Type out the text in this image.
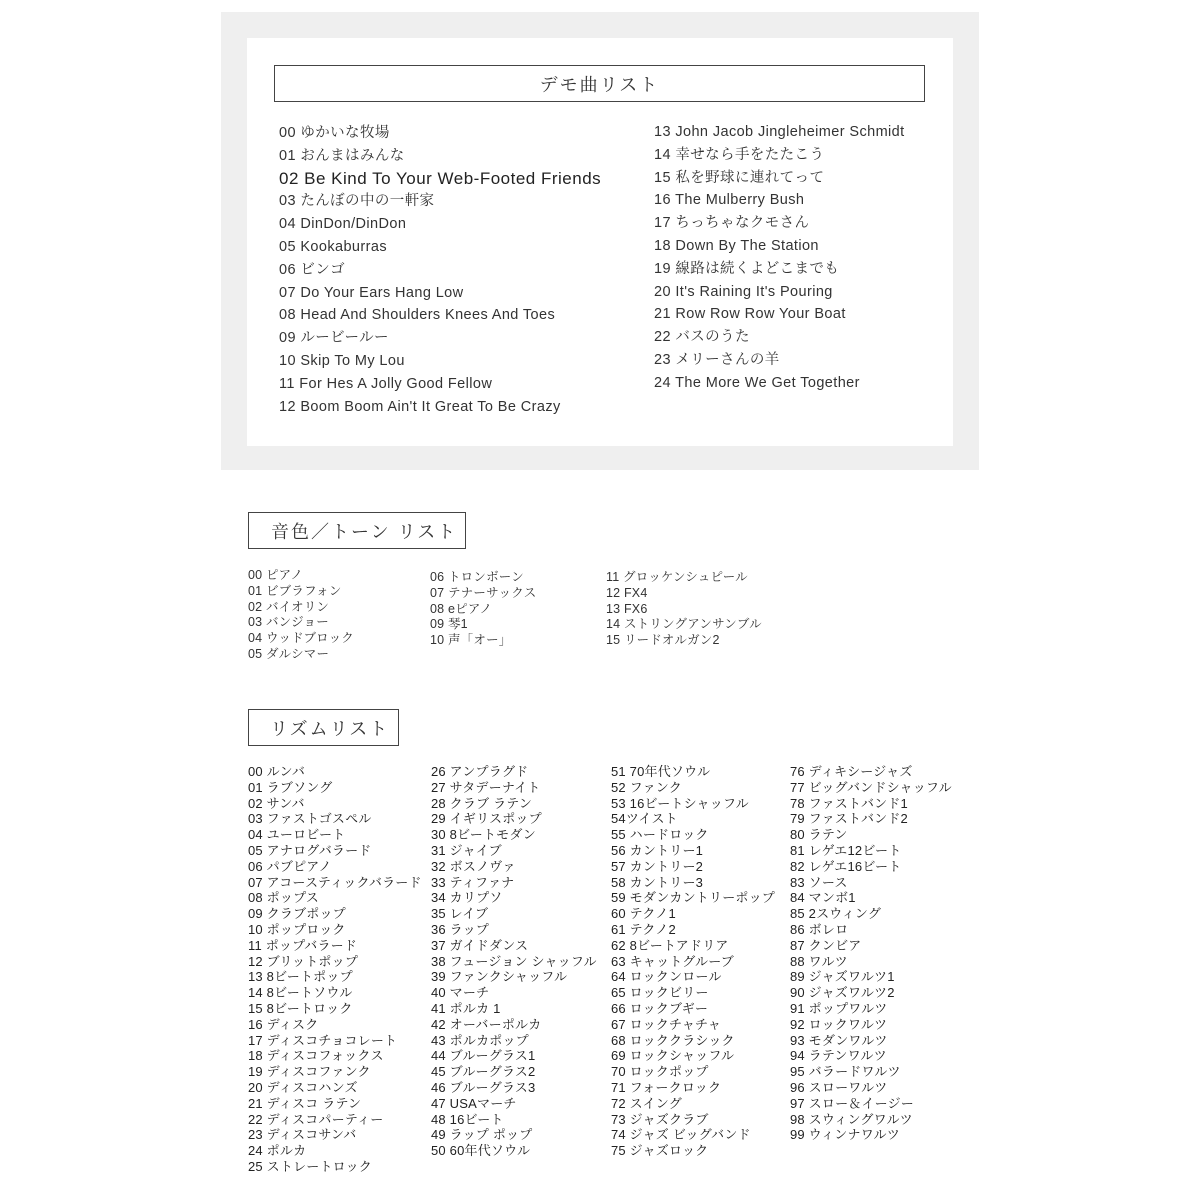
デモ曲リスト
00 ゆかいな牧場
01 おんまはみんな
02 Be Kind To Your Web-Footed Friends
03 たんぼの中の一軒家
04 DinDon/DinDon
05 Kookaburras
06 ビンゴ
07 Do Your Ears Hang Low
08 Head And Shoulders Knees And Toes
09 ルービールー
10 Skip To My Lou
11 For Hes A Jolly Good Fellow
12 Boom Boom Ain't It Great To Be Crazy
13 John Jacob Jingleheimer Schmidt
14 幸せなら手をたたこう
15 私を野球に連れてって
16 The Mulberry Bush
17 ちっちゃなクモさん
18 Down By The Station
19 線路は続くよどこまでも
20 It's Raining It's Pouring
21 Row Row Row Your Boat
22 バスのうた
23 メリーさんの羊
24 The More We Get Together
音色／トーン リスト
00 ピアノ
01 ビブラフォン
02 バイオリン
03 バンジョー
04 ウッドブロック
05 ダルシマー
06 トロンボーン
07 テナーサックス
08 eピアノ
09 琴1
10 声「オー」
11 グロッケンシュピール
12 FX4
13 FX6
14 ストリングアンサンブル
15 リードオルガン2
リズムリスト
00 ルンバ
01 ラブソング
02 サンバ
03 ファストゴスペル
04 ユーロビート
05 アナログバラード
06 パブピアノ
07 アコースティックバラード
08 ポップス
09 クラブポップ
10 ポップロック
11 ポップバラード
12 ブリットポップ
13 8ビートポップ
14 8ビートソウル
15 8ビートロック
16 ディスク
17 ディスコチョコレート
18 ディスコフォックス
19 ディスコファンク
20 ディスコハンズ
21 ディスコ ラテン
22 ディスコパーティー
23 ディスコサンバ
24 ポルカ
25 ストレートロック
26 アンプラグド
27 サタデーナイト
28 クラブ ラテン
29 イギリスポップ
30 8ビートモダン
31 ジャイブ
32 ボスノヴァ
33 ティファナ
34 カリプソ
35 レイブ
36 ラップ
37 ガイドダンス
38 フュージョン シャッフル
39 ファンクシャッフル
40 マーチ
41 ポルカ 1
42 オーバーポルカ
43 ポルカポップ
44 ブルーグラス1
45 ブルーグラス2
46 ブルーグラス3
47 USAマーチ
48 16ビート
49 ラップ ポップ
50 60年代ソウル
51 70年代ソウル
52 ファンク
53 16ビートシャッフル
54ツイスト
55 ハードロック
56 カントリー1
57 カントリー2
58 カントリー3
59 モダンカントリーポップ
60 テクノ1
61 テクノ2
62 8ビートアドリア
63 キャットグルーブ
64 ロックンロール
65 ロックビリー
66 ロックブギー
67 ロックチャチャ
68 ロッククラシック
69 ロックシャッフル
70 ロックポップ
71 フォークロック
72 スイング
73 ジャズクラブ
74 ジャズ ビッグバンド
75 ジャズロック
76 ディキシージャズ
77 ビッグバンドシャッフル
78 ファストバンド1
79 ファストバンド2
80 ラテン
81 レゲエ12ビート
82 レゲエ16ビート
83 ソース
84 マンボ1
85 2スウィング
86 ボレロ
87 クンビア
88 ワルツ
89 ジャズワルツ1
90 ジャズワルツ2
91 ポップワルツ
92 ロックワルツ
93 モダンワルツ
94 ラテンワルツ
95 バラードワルツ
96 スローワルツ
97 スロー＆イージー
98 スウィングワルツ
99 ウィンナワルツ
